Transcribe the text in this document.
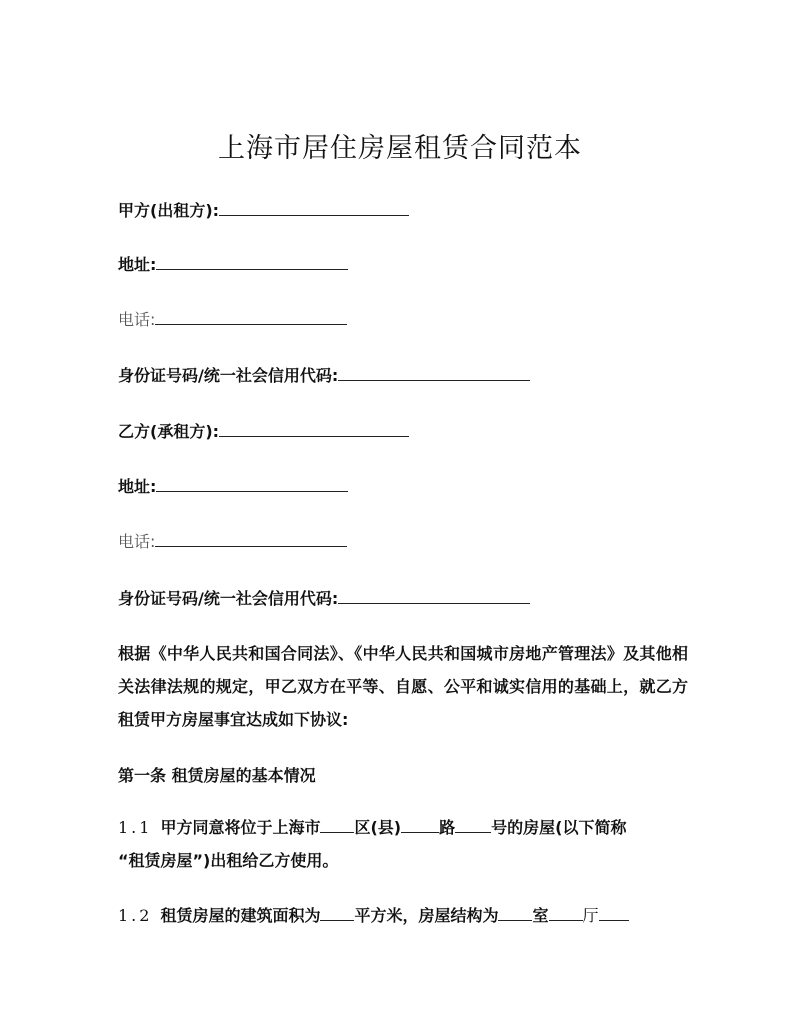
上海市居住房屋租赁合同范本
甲方(出租方):
地址:
电话:
身份证号码/统一社会信用代码:
乙方(承租方):
地址:
电话:
身份证号码/统一社会信用代码:
根据《中华人民共和国合同法》、《中华人民共和国城市房地产管理法》及其他相关法律法规的规定，甲乙双方在平等、自愿、公平和诚实信用的基础上，就乙方租赁甲方房屋事宜达成如下协议:
第一条 租赁房屋的基本情况
1.1 甲方同意将位于上海市 区(县) 路 号的房屋(以下简称
“租赁房屋”)出租给乙方使用。
1.2 租赁房屋的建筑面积为 平方米，房屋结构为 室 厅
